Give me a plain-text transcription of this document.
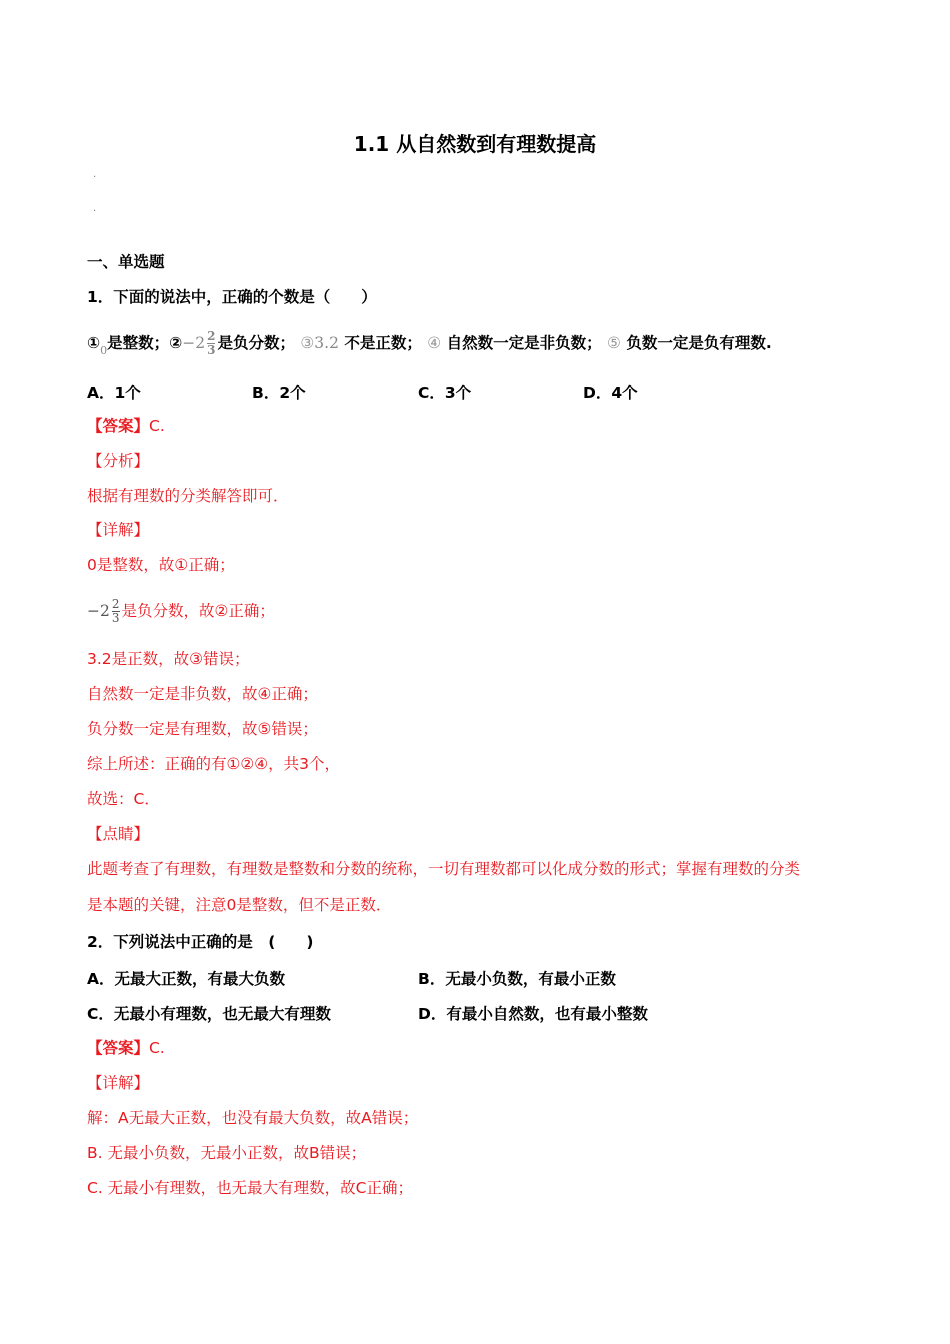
1.1 从自然数到有理数提高
·
·
一、单选题
1．下面的说法中，正确的个数是（　　）
$①_0$是整数；②−2 $\frac{2}{3}$ 是负分数； ③3.2 不是正数； ④ 自然数一定是非负数； ⑤ 负数一定是负有理数.
A．1个	B．2个	C．3个	D．4个
【答案】C.
【分析】
根据有理数的分类解答即可．
【详解】
0是整数，故①正确；
$-2 \frac{2}{3}$ 是负分数，故②正确；
3.2是正数，故③错误；
自然数一定是非负数，故④正确；
负分数一定是有理数，故⑤错误；
综上所述：正确的有①②④，共3个，
故选：C．
【点睛】
此题考查了有理数，有理数是整数和分数的统称，一切有理数都可以化成分数的形式；掌握有理数的分类
是本题的关键，注意0是整数，但不是正数．
2．下列说法中正确的是　(　　)
A．无最大正数，有最大负数	B．无最小负数，有最小正数
C．无最小有理数，也无最大有理数	D．有最小自然数，也有最小整数
【答案】C.
【详解】
解：A无最大正数，也没有最大负数，故A错误；
B. 无最小负数，无最小正数，故B错误；
C. 无最小有理数，也无最大有理数，故C正确；
